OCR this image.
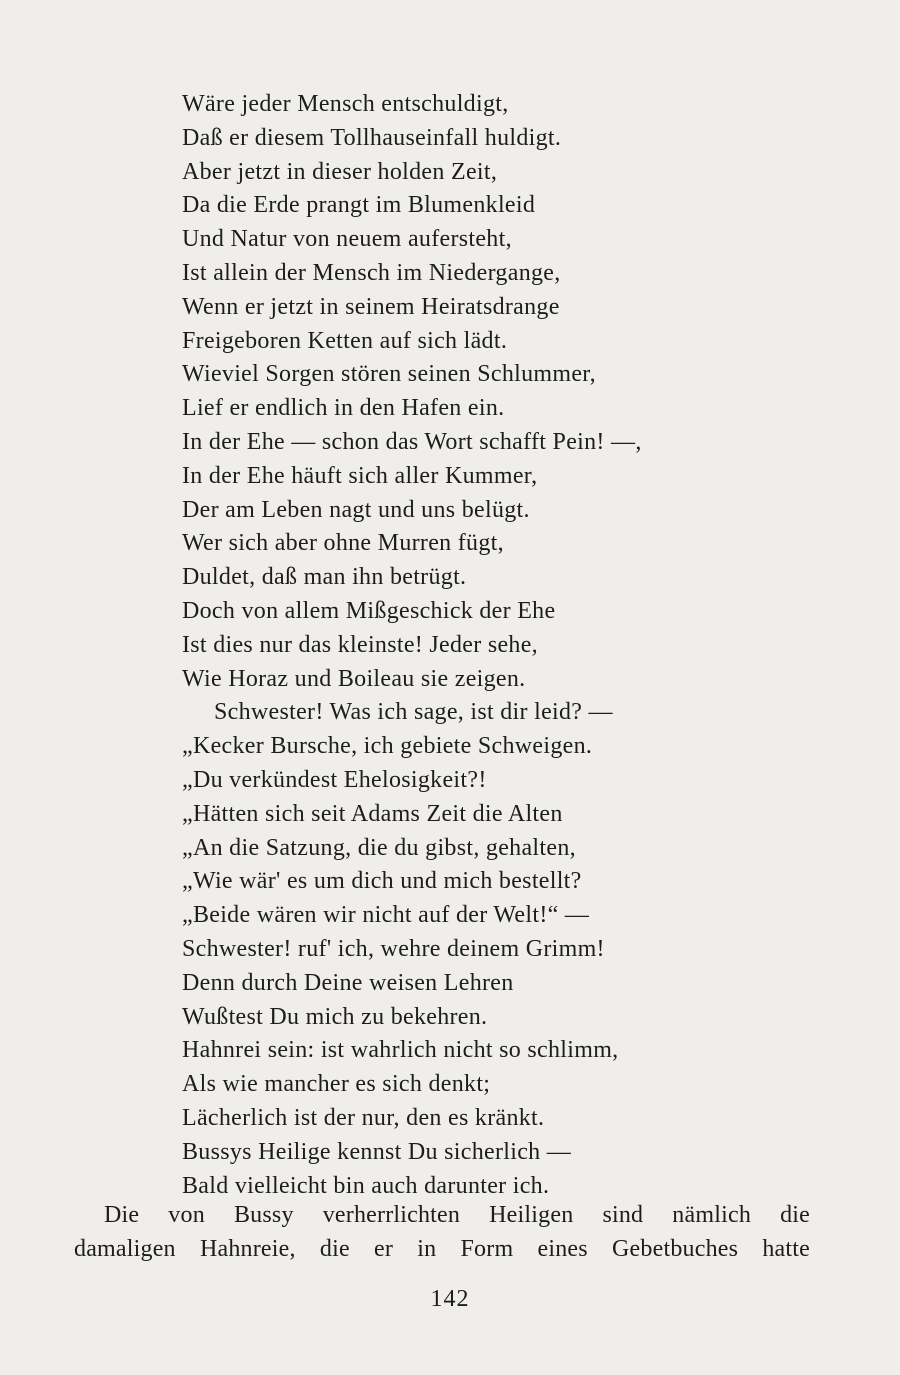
Wäre jeder Mensch entschuldigt,
Daß er diesem Tollhauseinfall huldigt.
Aber jetzt in dieser holden Zeit,
Da die Erde prangt im Blumenkleid
Und Natur von neuem aufersteht,
Ist allein der Mensch im Niedergange,
Wenn er jetzt in seinem Heiratsdrange
Freigeboren Ketten auf sich lädt.
Wieviel Sorgen stören seinen Schlummer,
Lief er endlich in den Hafen ein.
In der Ehe — schon das Wort schafft Pein! —,
In der Ehe häuft sich aller Kummer,
Der am Leben nagt und uns belügt.
Wer sich aber ohne Murren fügt,
Duldet, daß man ihn betrügt.
Doch von allem Mißgeschick der Ehe
Ist dies nur das kleinste! Jeder sehe,
Wie Horaz und Boileau sie zeigen.
Schwester! Was ich sage, ist dir leid? —
„Kecker Bursche, ich gebiete Schweigen.
„Du verkündest Ehelosigkeit?!
„Hätten sich seit Adams Zeit die Alten
„An die Satzung, die du gibst, gehalten,
„Wie wär' es um dich und mich bestellt?
„Beide wären wir nicht auf der Welt!“ —
Schwester! ruf' ich, wehre deinem Grimm!
Denn durch Deine weisen Lehren
Wußtest Du mich zu bekehren.
Hahnrei sein: ist wahrlich nicht so schlimm,
Als wie mancher es sich denkt;
Lächerlich ist der nur, den es kränkt.
Bussys Heilige kennst Du sicherlich —
Bald vielleicht bin auch darunter ich.

Die von Bussy verherrlichten Heiligen sind nämlich die
damaligen Hahnreie, die er in Form eines Gebetbuches hatte

142
